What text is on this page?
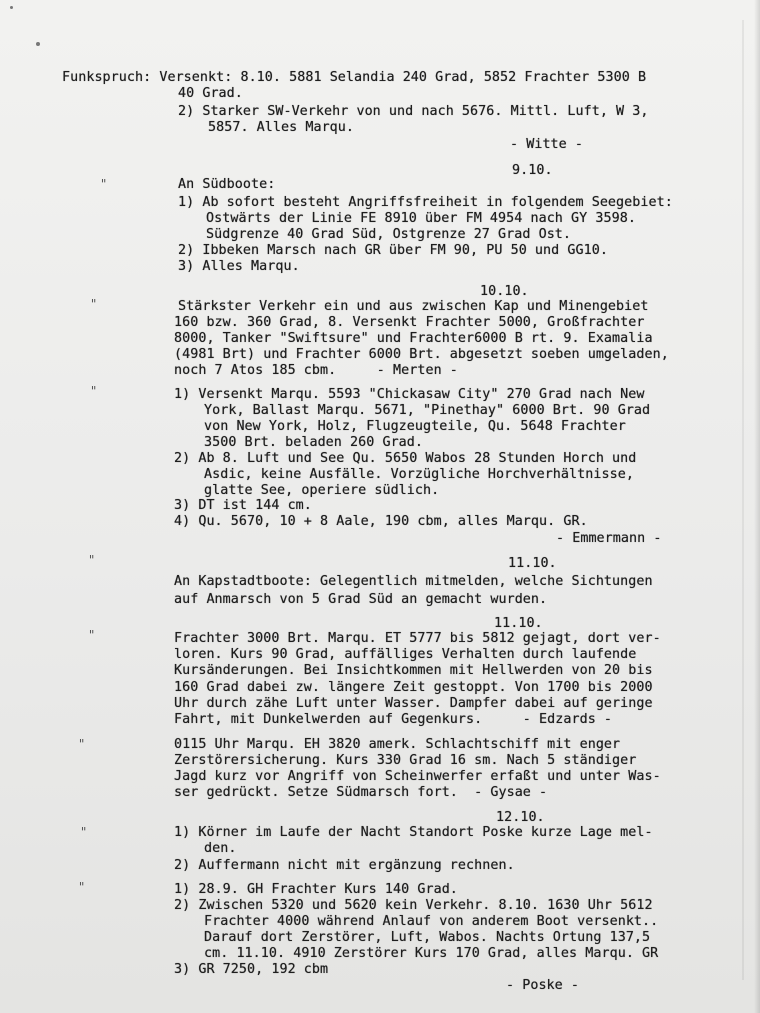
Funkspruch: Versenkt: 8.10. 5881 Selandia 240 Grad, 5852 Frachter 5300 B
40 Grad.
2) Starker SW-Verkehr von und nach 5676. Mittl. Luft, W 3,
5857. Alles Marqu.
- Witte -
9.10.
An Südboote:
1) Ab sofort besteht Angriffsfreiheit in folgendem Seegebiet:
Ostwärts der Linie FE 8910 über FM 4954 nach GY 3598.
Südgrenze 40 Grad Süd, Ostgrenze 27 Grad Ost.
2) Ibbeken Marsch nach GR über FM 90, PU 50 und GG10.
3) Alles Marqu.
10.10.
Stärkster Verkehr ein und aus zwischen Kap und Minengebiet
160 bzw. 360 Grad, 8. Versenkt Frachter 5000, Großfrachter
8000, Tanker "Swiftsure" und Frachter6000 B rt. 9. Examalia
(4981 Brt) und Frachter 6000 Brt. abgesetzt soeben umgeladen,
noch 7 Atos 185 cbm.     - Merten -
1) Versenkt Marqu. 5593 "Chickasaw City" 270 Grad nach New
York, Ballast Marqu. 5671, "Pinethay" 6000 Brt. 90 Grad
von New York, Holz, Flugzeugteile, Qu. 5648 Frachter
3500 Brt. beladen 260 Grad.
2) Ab 8. Luft und See Qu. 5650 Wabos 28 Stunden Horch und
Asdic, keine Ausfälle. Vorzügliche Horchverhältnisse,
glatte See, operiere südlich.
3) DT ist 144 cm.
4) Qu. 5670, 10 + 8 Aale, 190 cbm, alles Marqu. GR.
- Emmermann -
11.10.
An Kapstadtboote: Gelegentlich mitmelden, welche Sichtungen
auf Anmarsch von 5 Grad Süd an gemacht wurden.
11.10.
Frachter 3000 Brt. Marqu. ET 5777 bis 5812 gejagt, dort ver-
loren. Kurs 90 Grad, auffälliges Verhalten durch laufende
Kursänderungen. Bei Insichtkommen mit Hellwerden von 20 bis
160 Grad dabei zw. längere Zeit gestoppt. Von 1700 bis 2000
Uhr durch zähe Luft unter Wasser. Dampfer dabei auf geringe
Fahrt, mit Dunkelwerden auf Gegenkurs.     - Edzards -
0115 Uhr Marqu. EH 3820 amerk. Schlachtschiff mit enger
Zerstörersicherung. Kurs 330 Grad 16 sm. Nach 5 ständiger
Jagd kurz vor Angriff von Scheinwerfer erfaßt und unter Was-
ser gedrückt. Setze Südmarsch fort.  - Gysae -
12.10.
1) Körner im Laufe der Nacht Standort Poske kurze Lage mel-
den.
2) Auffermann nicht mit ergänzung rechnen.
1) 28.9. GH Frachter Kurs 140 Grad.
2) Zwischen 5320 und 5620 kein Verkehr. 8.10. 1630 Uhr 5612
Frachter 4000 während Anlauf von anderem Boot versenkt..
Darauf dort Zerstörer, Luft, Wabos. Nachts Ortung 137,5
cm. 11.10. 4910 Zerstörer Kurs 170 Grad, alles Marqu. GR
3) GR 7250, 192 cbm
- Poske -
"
"
"
"
"
"
"
"
